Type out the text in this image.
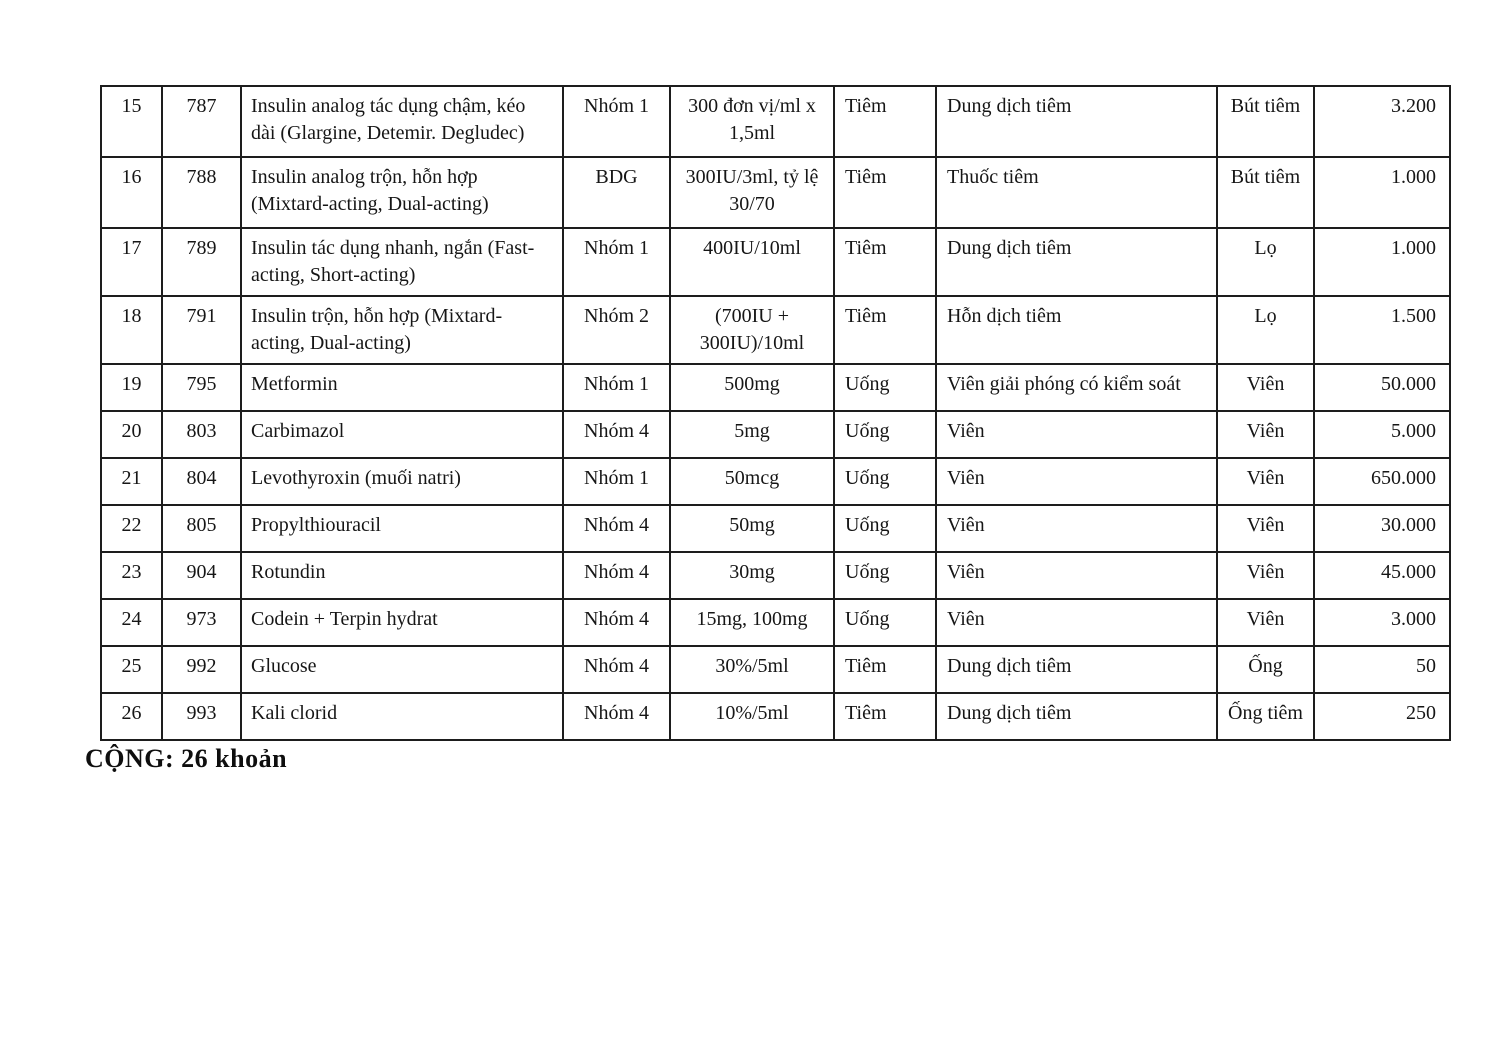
15	787	Insulin analog tác dụng chậm, kéo dài (Glargine, Detemir. Degludec)	Nhóm 1	300 đơn vị/ml x 1,5ml	Tiêm	Dung dịch tiêm	Bút tiêm	3.200
16	788	Insulin analog trộn, hỗn hợp (Mixtard-acting, Dual-acting)	BDG	300IU/3ml, tỷ lệ 30/70	Tiêm	Thuốc tiêm	Bút tiêm	1.000
17	789	Insulin tác dụng nhanh, ngắn (Fast-acting, Short-acting)	Nhóm 1	400IU/10ml	Tiêm	Dung dịch tiêm	Lọ	1.000
18	791	Insulin trộn, hỗn hợp (Mixtard-acting, Dual-acting)	Nhóm 2	(700IU + 300IU)/10ml	Tiêm	Hỗn dịch tiêm	Lọ	1.500
19	795	Metformin	Nhóm 1	500mg	Uống	Viên giải phóng có kiểm soát	Viên	50.000
20	803	Carbimazol	Nhóm 4	5mg	Uống	Viên	Viên	5.000
21	804	Levothyroxin (muối natri)	Nhóm 1	50mcg	Uống	Viên	Viên	650.000
22	805	Propylthiouracil	Nhóm 4	50mg	Uống	Viên	Viên	30.000
23	904	Rotundin	Nhóm 4	30mg	Uống	Viên	Viên	45.000
24	973	Codein + Terpin hydrat	Nhóm 4	15mg, 100mg	Uống	Viên	Viên	3.000
25	992	Glucose	Nhóm 4	30%/5ml	Tiêm	Dung dịch tiêm	Ống	50
26	993	Kali clorid	Nhóm 4	10%/5ml	Tiêm	Dung dịch tiêm	Ống tiêm	250
CỘNG: 26 khoản
